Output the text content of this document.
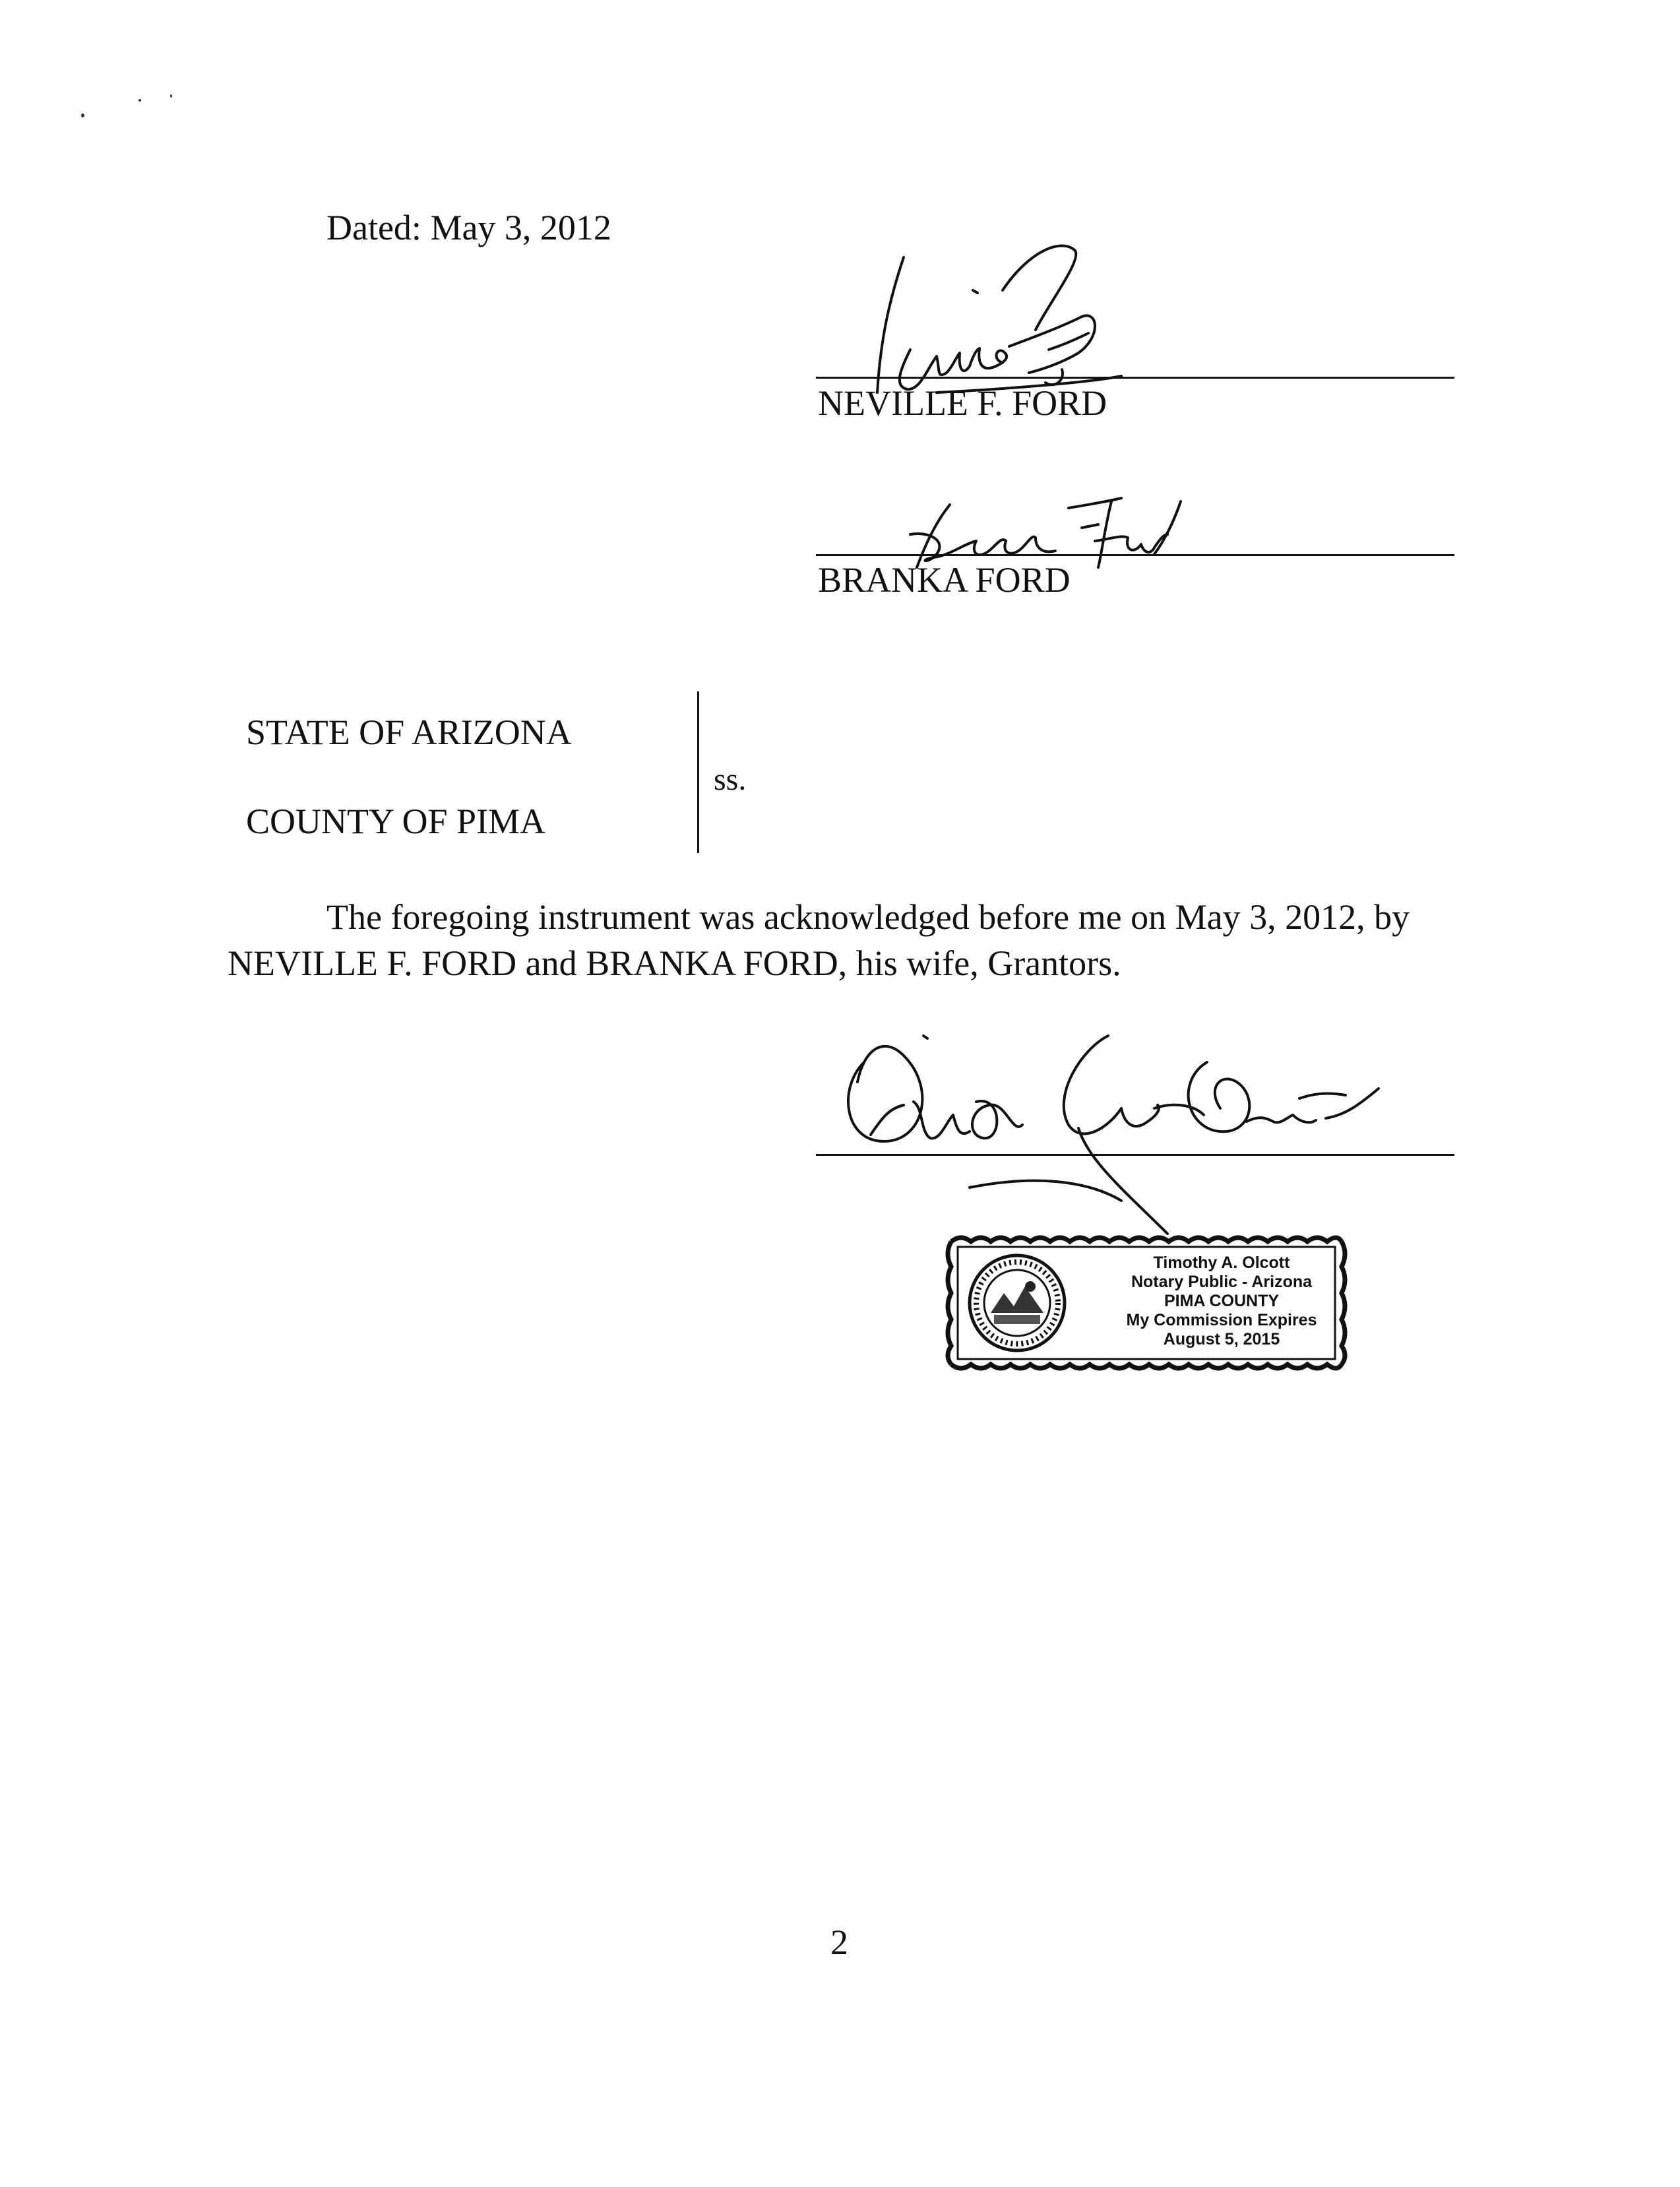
Dated: May 3, 2012
NEVILLE F. FORD
BRANKA FORD
STATE OF ARIZONA
COUNTY OF PIMA
ss.
The foregoing instrument was acknowledged before me on May 3, 2012, by
NEVILLE F. FORD and BRANKA FORD, his wife, Grantors.
Timothy A. Olcott
Notary Public - Arizona
PIMA COUNTY
My Commission Expires
August 5, 2015
2
